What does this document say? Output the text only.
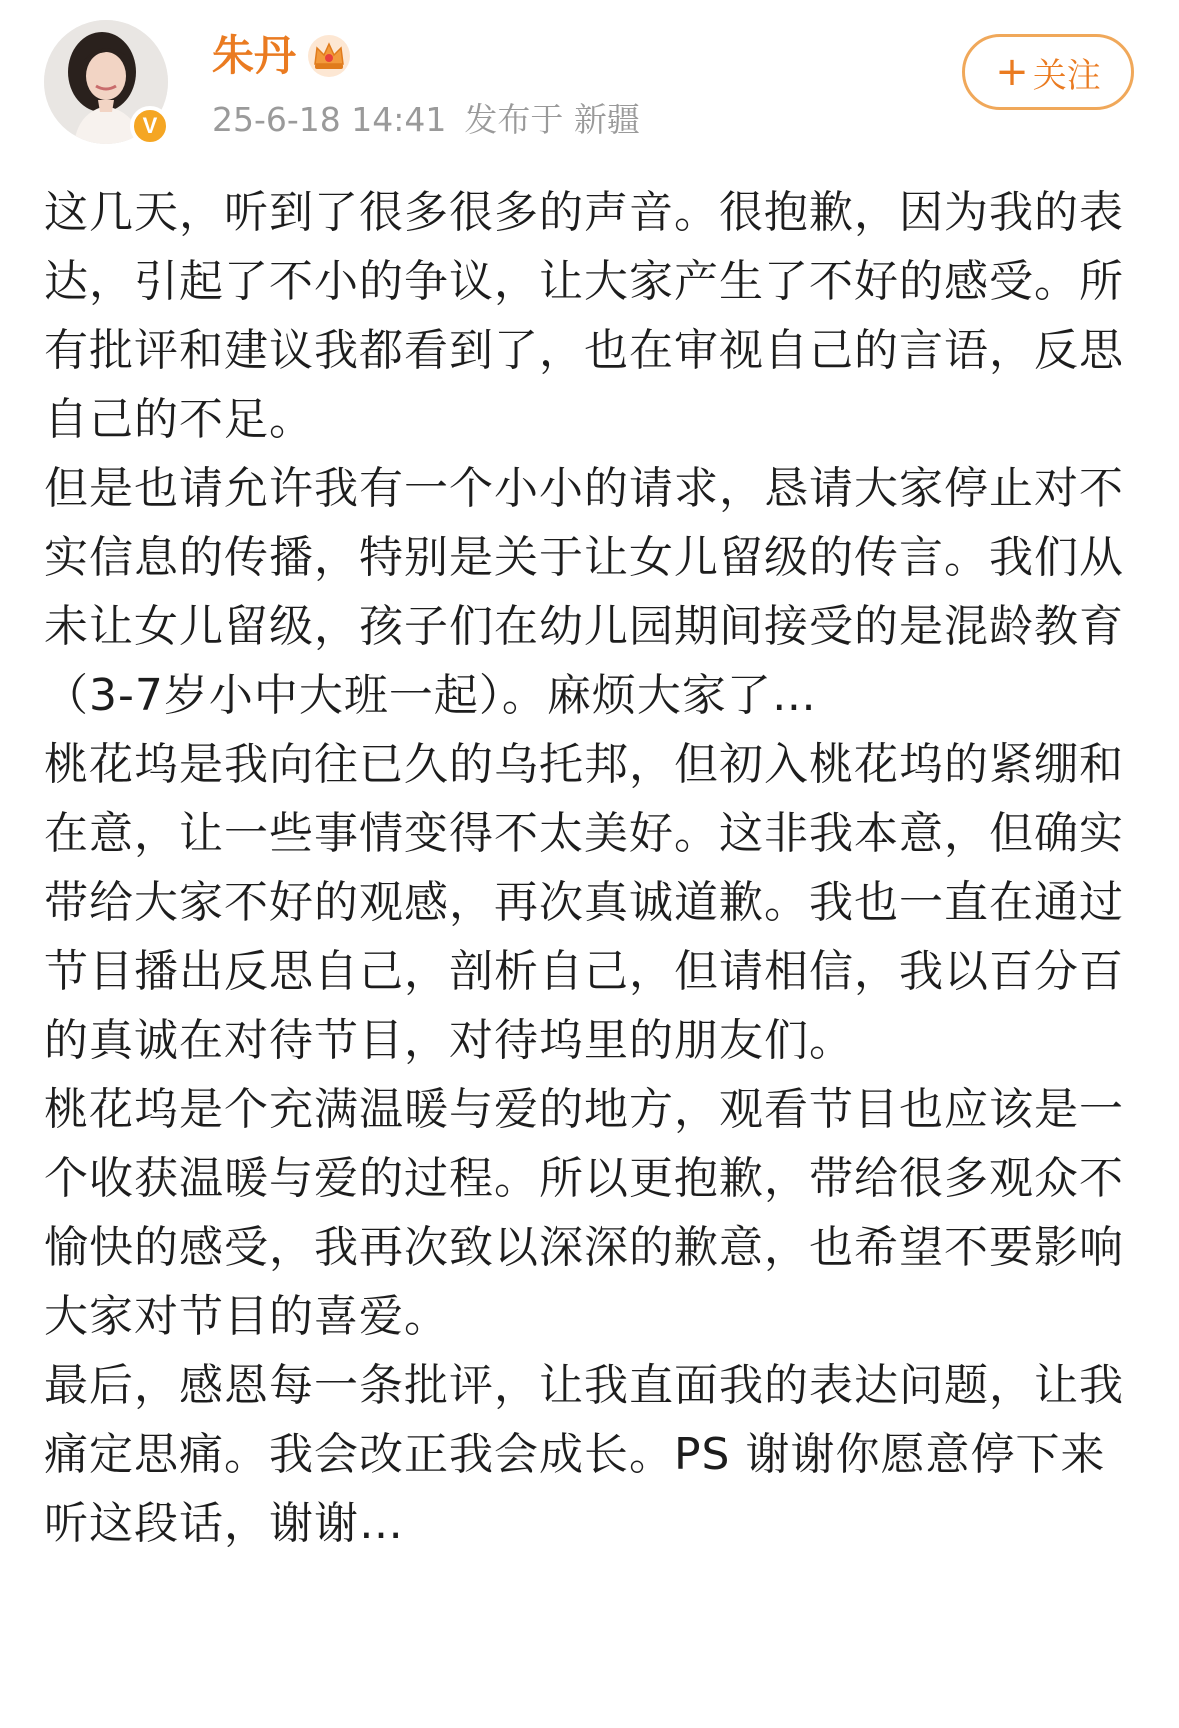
V
朱丹
25-6-18 14:41 发布于 新疆
+ 关注

这几天，听到了很多很多的声音。很抱歉，因为我的表达，引起了不小的争议，让大家产生了不好的感受。所有批评和建议我都看到了，也在审视自己的言语，反思自己的不足。

但是也请允许我有一个小小的请求，恳请大家停止对不实信息的传播，特别是关于让女儿留级的传言。我们从未让女儿留级，孩子们在幼儿园期间接受的是混龄教育（3-7岁小中大班一起）。麻烦大家了…

桃花坞是我向往已久的乌托邦，但初入桃花坞的紧绷和在意，让一些事情变得不太美好。这非我本意，但确实带给大家不好的观感，再次真诚道歉。我也一直在通过节目播出反思自己，剖析自己，但请相信，我以百分百的真诚在对待节目，对待坞里的朋友们。

桃花坞是个充满温暖与爱的地方，观看节目也应该是一个收获温暖与爱的过程。所以更抱歉，带给很多观众不愉快的感受，我再次致以深深的歉意，也希望不要影响大家对节目的喜爱。

最后，感恩每一条批评，让我直面我的表达问题，让我痛定思痛。我会改正我会成长。PS 谢谢你愿意停下来听这段话，谢谢…
